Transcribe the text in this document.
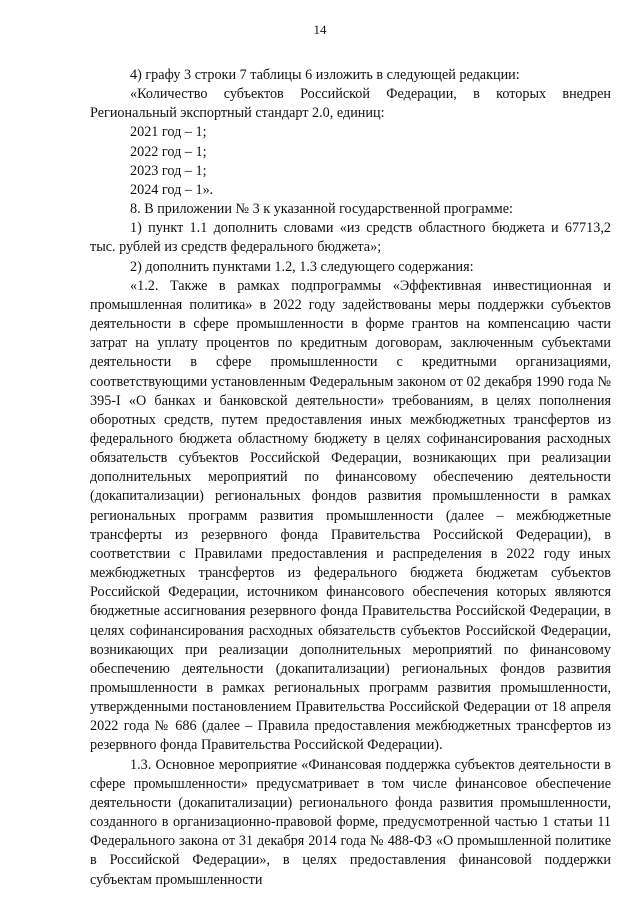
14

4) графу 3 строки 7 таблицы 6 изложить в следующей редакции:

«Количество субъектов Российской Федерации, в которых внедрен Региональный экспортный стандарт 2.0, единиц:

2021 год – 1;

2022 год – 1;

2023 год – 1;

2024 год – 1».

8. В приложении № 3 к указанной государственной программе:

1) пункт 1.1 дополнить словами «из средств областного бюджета и 67713,2 тыс. рублей из средств федерального бюджета»;

2) дополнить пунктами 1.2, 1.3 следующего содержания:

«1.2. Также в рамках подпрограммы «Эффективная инвестиционная и промышленная политика» в 2022 году задействованы меры поддержки субъектов деятельности в сфере промышленности в форме грантов на компенсацию части затрат на уплату процентов по кредитным договорам, заключенным субъектами деятельности в сфере промышленности с кредитными организациями, соответствующими установленным Федеральным законом от 02 декабря 1990 года № 395-I «О банках и банковской деятельности» требованиям, в целях пополнения оборотных средств, путем предоставления иных межбюджетных трансфертов из федерального бюджета областному бюджету в целях софинансирования расходных обязательств субъектов Российской Федерации, возникающих при реализации дополнительных мероприятий по финансовому обеспечению деятельности (докапитализации) региональных фондов развития промышленности в рамках региональных программ развития промышленности (далее – межбюджетные трансферты из резервного фонда Правительства Российской Федерации), в соответствии с Правилами предоставления и распределения в 2022 году иных межбюджетных трансфертов из федерального бюджета бюджетам субъектов Российской Федерации, источником финансового обеспечения которых являются бюджетные ассигнования резервного фонда Правительства Российской Федерации, в целях софинансирования расходных обязательств субъектов Российской Федерации, возникающих при реализации дополнительных мероприятий по финансовому обеспечению деятельности (докапитализации) региональных фондов развития промышленности в рамках региональных программ развития промышленности, утвержденными постановлением Правительства Российской Федерации от 18 апреля 2022 года № 686 (далее – Правила предоставления межбюджетных трансфертов из резервного фонда Правительства Российской Федерации).

1.3. Основное мероприятие «Финансовая поддержка субъектов деятельности в сфере промышленности» предусматривает в том числе финансовое обеспечение деятельности (докапитализации) регионального фонда развития промышленности, созданного в организационно-правовой форме, предусмотренной частью 1 статьи 11 Федерального закона от 31 декабря 2014 года № 488-ФЗ «О промышленной политике в Российской Федерации», в целях предоставления финансовой поддержки субъектам промышленности
